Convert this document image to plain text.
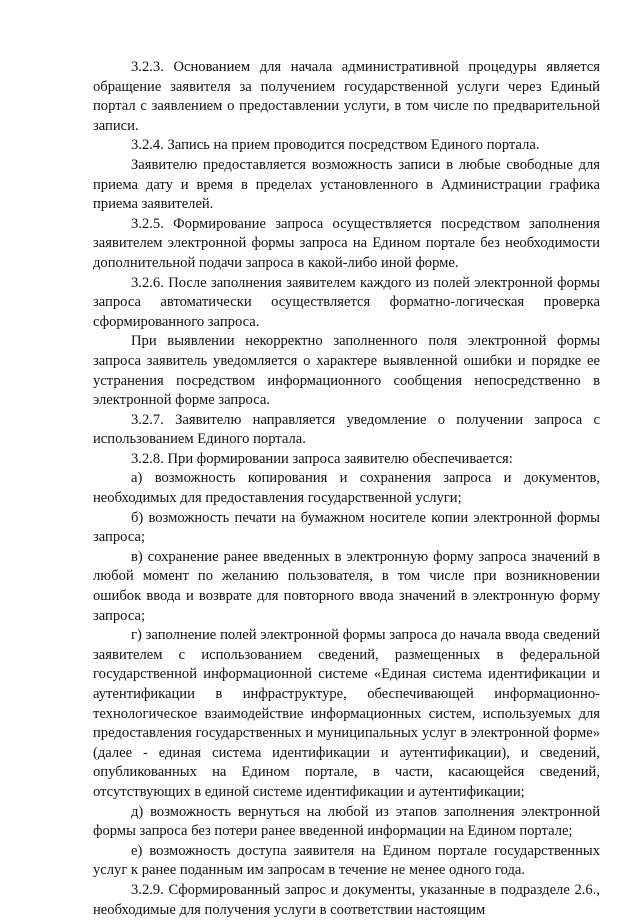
3.2.3. Основанием для начала административной процедуры является обращение заявителя за получением государственной услуги через Единый портал с заявлением о предоставлении услуги, в том числе по предварительной записи.

3.2.4. Запись на прием проводится посредством Единого портала.

Заявителю предоставляется возможность записи в любые свободные для приема дату и время в пределах установленного в Администрации графика приема заявителей.

3.2.5. Формирование запроса осуществляется посредством заполнения заявителем электронной формы запроса на Едином портале без необходимости дополнительной подачи запроса в какой-либо иной форме.

3.2.6. После заполнения заявителем каждого из полей электронной формы запроса автоматически осуществляется форматно-логическая проверка сформированного запроса.

При выявлении некорректно заполненного поля электронной формы запроса заявитель уведомляется о характере выявленной ошибки и порядке ее устранения посредством информационного сообщения непосредственно в электронной форме запроса.

3.2.7. Заявителю направляется уведомление о получении запроса с использованием Единого портала.

3.2.8. При формировании запроса заявителю обеспечивается:

а) возможность копирования и сохранения запроса и документов, необходимых для предоставления государственной услуги;

б) возможность печати на бумажном носителе копии электронной формы запроса;

в) сохранение ранее введенных в электронную форму запроса значений в любой момент по желанию пользователя, в том числе при возникновении ошибок ввода и возврате для повторного ввода значений в электронную форму запроса;

г) заполнение полей электронной формы запроса до начала ввода сведений заявителем с использованием сведений, размещенных в федеральной государственной информационной системе «Единая система идентификации и аутентификации в инфраструктуре, обеспечивающей информационно-технологическое взаимодействие информационных систем, используемых для предоставления государственных и муниципальных услуг в электронной форме» (далее - единая система идентификации и аутентификации), и сведений, опубликованных на Едином портале, в части, касающейся сведений, отсутствующих в единой системе идентификации и аутентификации;

д) возможность вернуться на любой из этапов заполнения электронной формы запроса без потери ранее введенной информации на Едином портале;

е) возможность доступа заявителя на Едином портале государственных услуг к ранее поданным им запросам в течение не менее одного года.

3.2.9. Сформированный запрос и документы, указанные в подразделе 2.6., необходимые для получения услуги в соответствии настоящим
